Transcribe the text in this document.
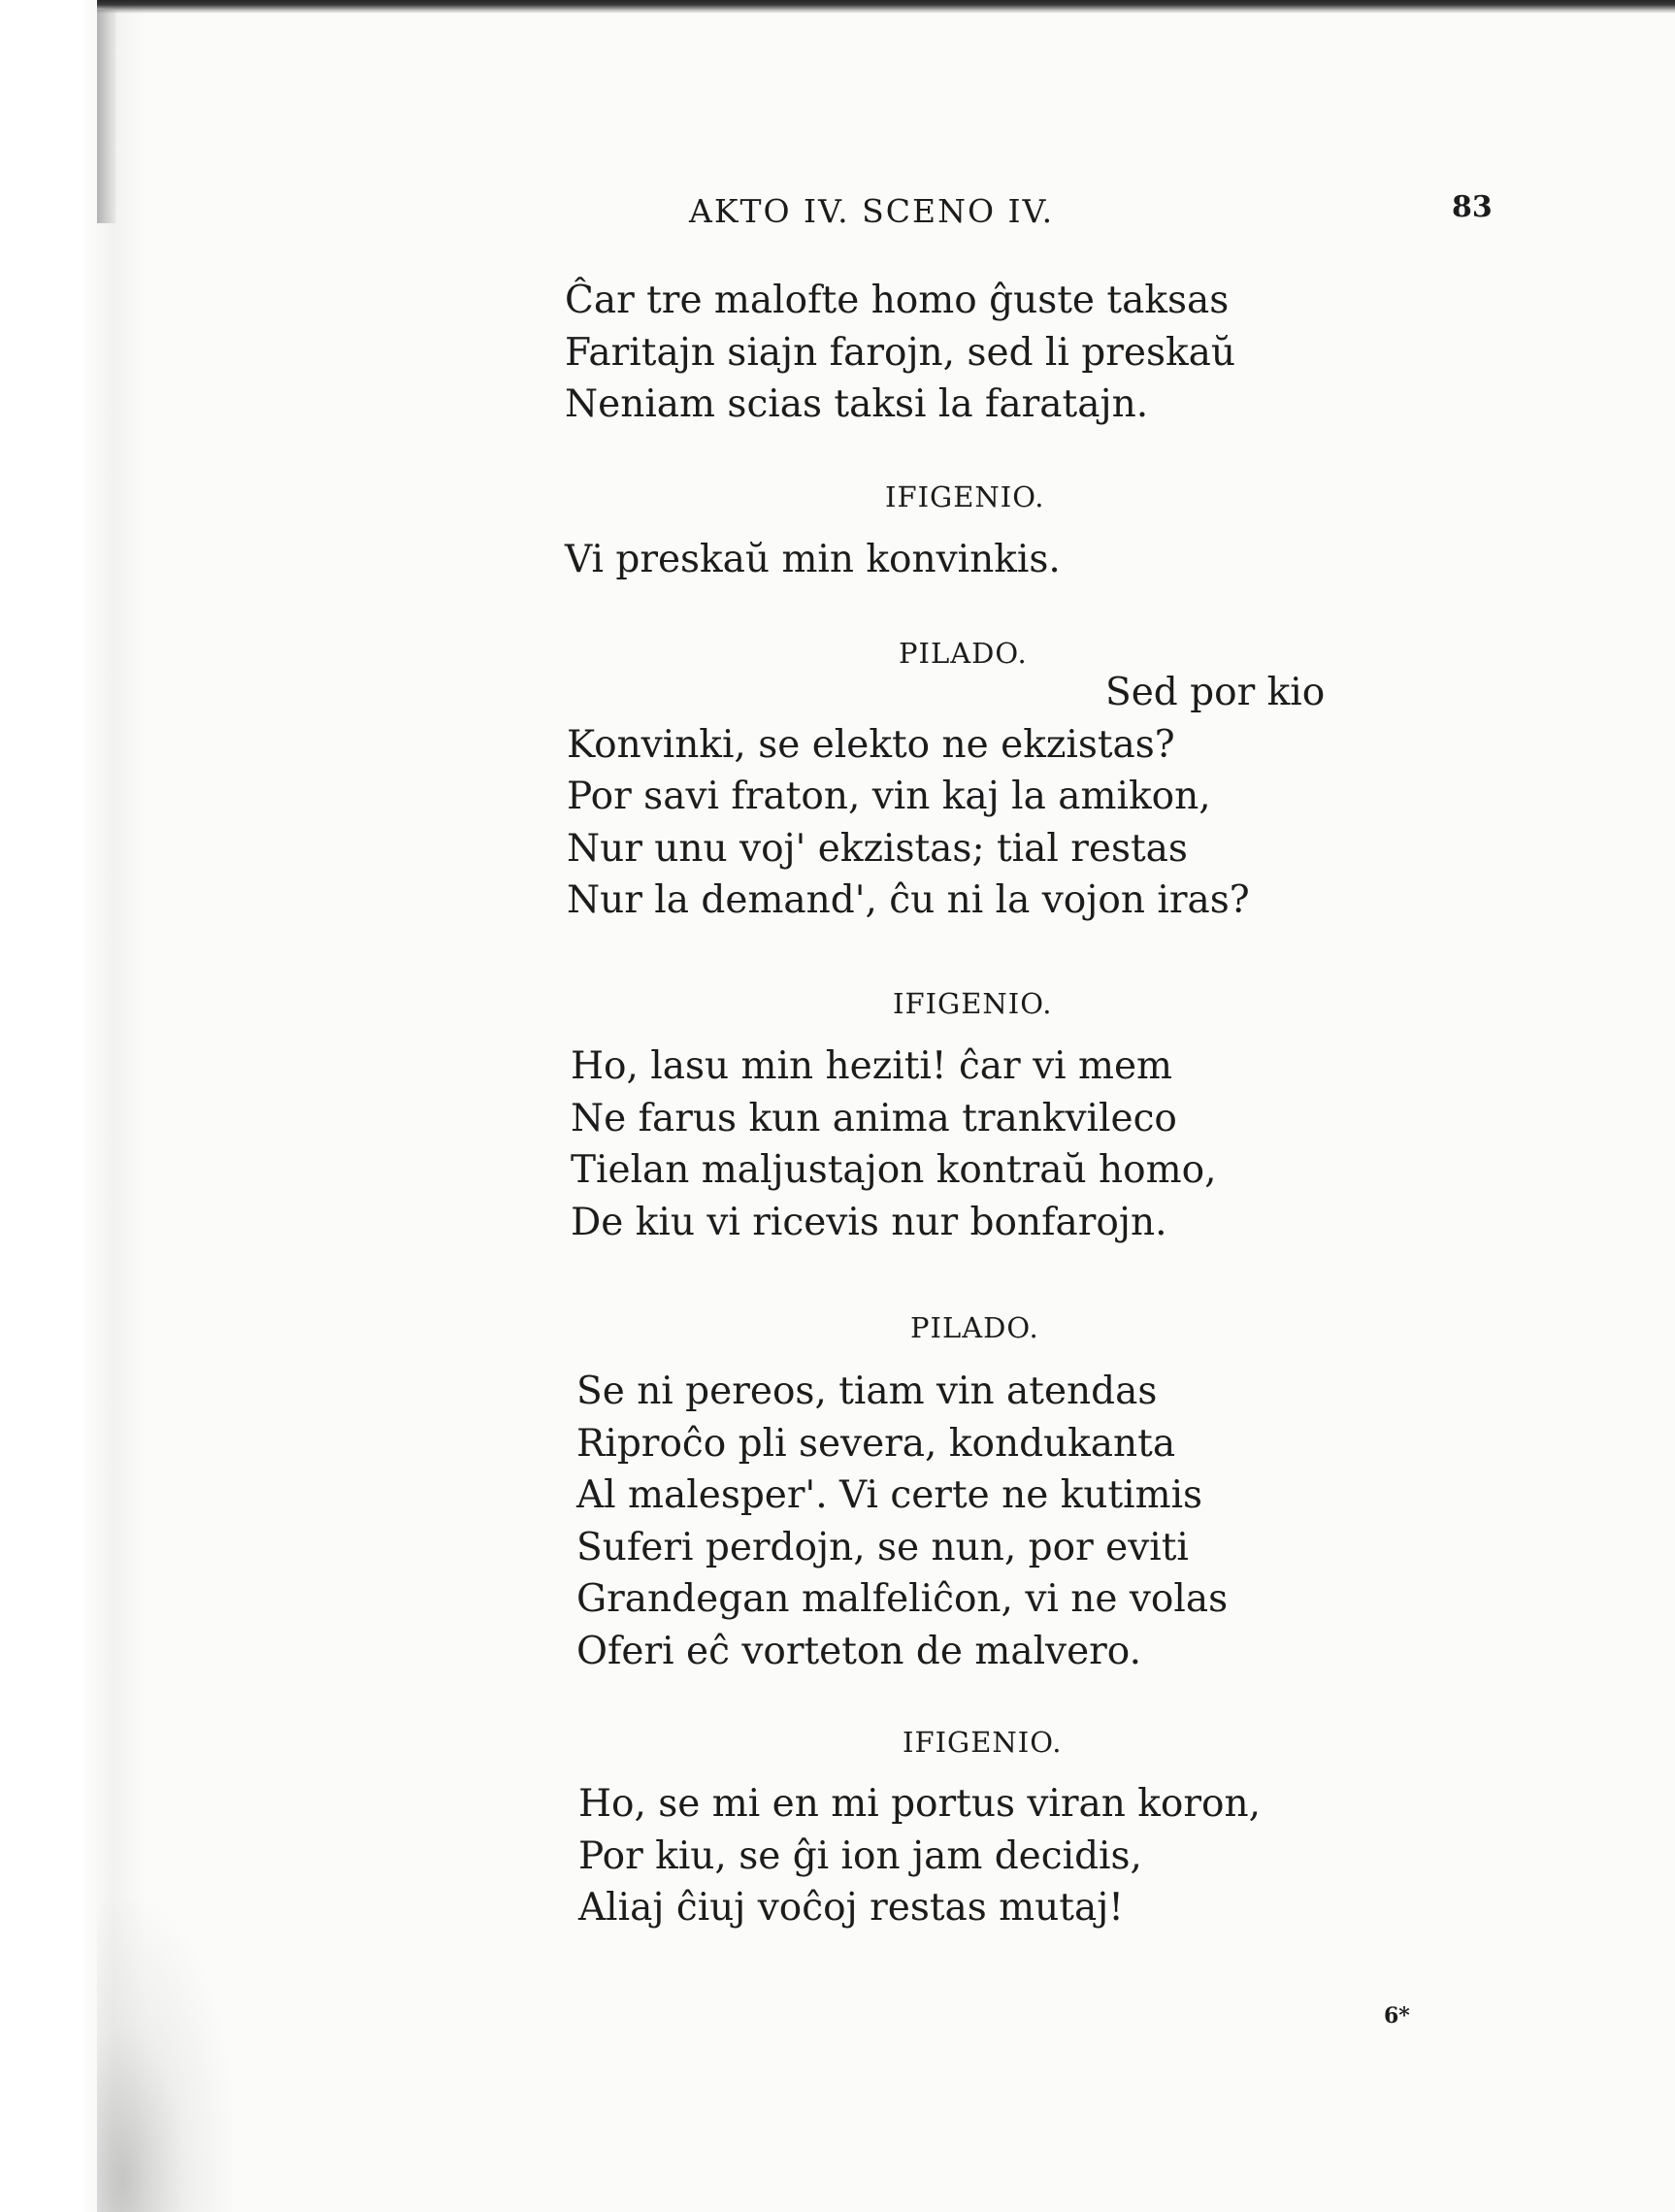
AKTO IV. SCENO IV.	83
Ĉar tre malofte homo ĝuste taksas
Faritajn siajn farojn, sed li preskaŭ
Neniam scias taksi la faratajn.
IFIGENIO.
Vi preskaŭ min konvinkis.
PILADO.
Sed por kio
Konvinki, se elekto ne ekzistas?
Por savi fraton, vin kaj la amikon,
Nur unu voj' ekzistas; tial restas
Nur la demand', ĉu ni la vojon iras?
IFIGENIO.
Ho, lasu min heziti! ĉar vi mem
Ne farus kun anima trankvileco
Tielan maljustajon kontraŭ homo,
De kiu vi ricevis nur bonfarojn.
PILADO.
Se ni pereos, tiam vin atendas
Riproĉo pli severa, kondukanta
Al malesper'. Vi certe ne kutimis
Suferi perdojn, se nun, por eviti
Grandegan malfeliĉon, vi ne volas
Oferi eĉ vorteton de malvero.
IFIGENIO.
Ho, se mi en mi portus viran koron,
Por kiu, se ĝi ion jam decidis,
Aliaj ĉiuj voĉoj restas mutaj!
6*
